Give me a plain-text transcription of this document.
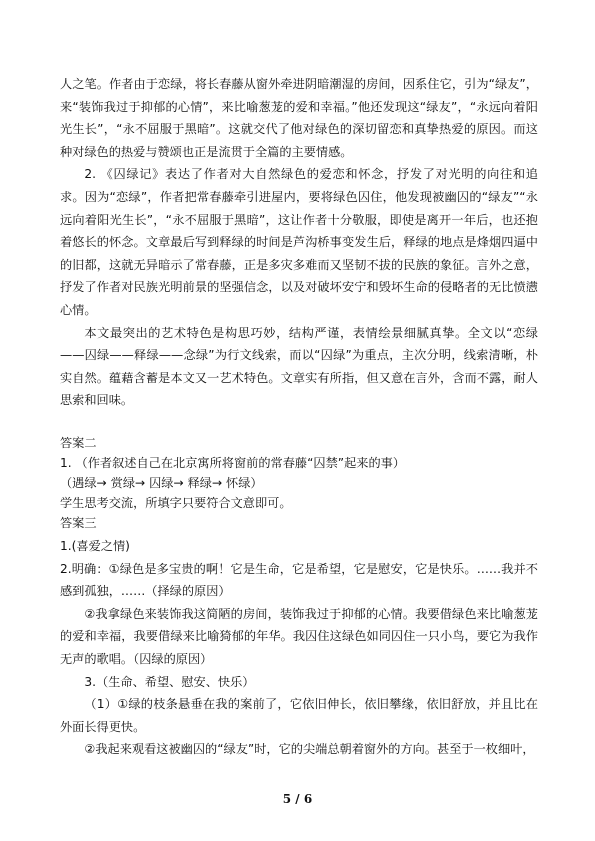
人之笔。作者由于恋绿，将长春藤从窗外牵进阴暗潮湿的房间，因系住它，引为“绿友”，来“装饰我过于抑郁的心情”，来比喻葱茏的爱和幸福。”他还发现这“绿友”，“永远向着阳光生长”，“永不屈服于黑暗”。这就交代了他对绿色的深切留恋和真挚热爱的原因。而这种对绿色的热爱与赞颂也正是流贯于全篇的主要情感。

2. 《囚绿记》表达了作者对大自然绿色的爱恋和怀念，抒发了对光明的向往和追求。因为“恋绿”，作者把常春藤牵引进屋内，要将绿色囚住，他发现被幽囚的“绿友”“永远向着阳光生长”，“永不屈服于黑暗”，这让作者十分敬服，即使是离开一年后，也还抱着悠长的怀念。文章最后写到释绿的时间是芦沟桥事变发生后，释绿的地点是烽烟四逼中的旧都，这就无异暗示了常春藤，正是多灾多难而又坚韧不拔的民族的象征。言外之意，抒发了作者对民族光明前景的坚强信念，以及对破坏安宁和毁坏生命的侵略者的无比愤懑心情。

本文最突出的艺术特色是构思巧妙，结构严谨，表情绘景细腻真挚。全文以“恋绿——囚绿——释绿——念绿”为行文线索，而以“囚绿”为重点，主次分明，线索清晰，朴实自然。蕴藉含蓄是本文又一艺术特色。文章实有所指，但又意在言外，含而不露，耐人思索和回味。

答案二

1. （作者叙述自己在北京寓所将窗前的常春藤“囚禁”起来的事）

（遇绿→ 赏绿→ 囚绿→ 释绿→ 怀绿）

学生思考交流，所填字只要符合文意即可。

答案三

1.(喜爱之情)

2.明确：①绿色是多宝贵的啊！它是生命，它是希望，它是慰安，它是快乐。……我并不感到孤独，……（择绿的原因）

②我拿绿色来装饰我这简陋的房间，装饰我过于抑郁的心情。我要借绿色来比喻葱茏的爱和幸福，我要借绿来比喻猗郁的年华。我囚住这绿色如同囚住一只小鸟，要它为我作无声的歌唱。（囚绿的原因）

3.（生命、希望、慰安、快乐）

（1）①绿的枝条悬垂在我的案前了，它依旧伸长，依旧攀缘，依旧舒放，并且比在外面长得更快。

②我起来观看这被幽囚的“绿友”时，它的尖端总朝着窗外的方向。甚至于一枚细叶，

5 / 6
